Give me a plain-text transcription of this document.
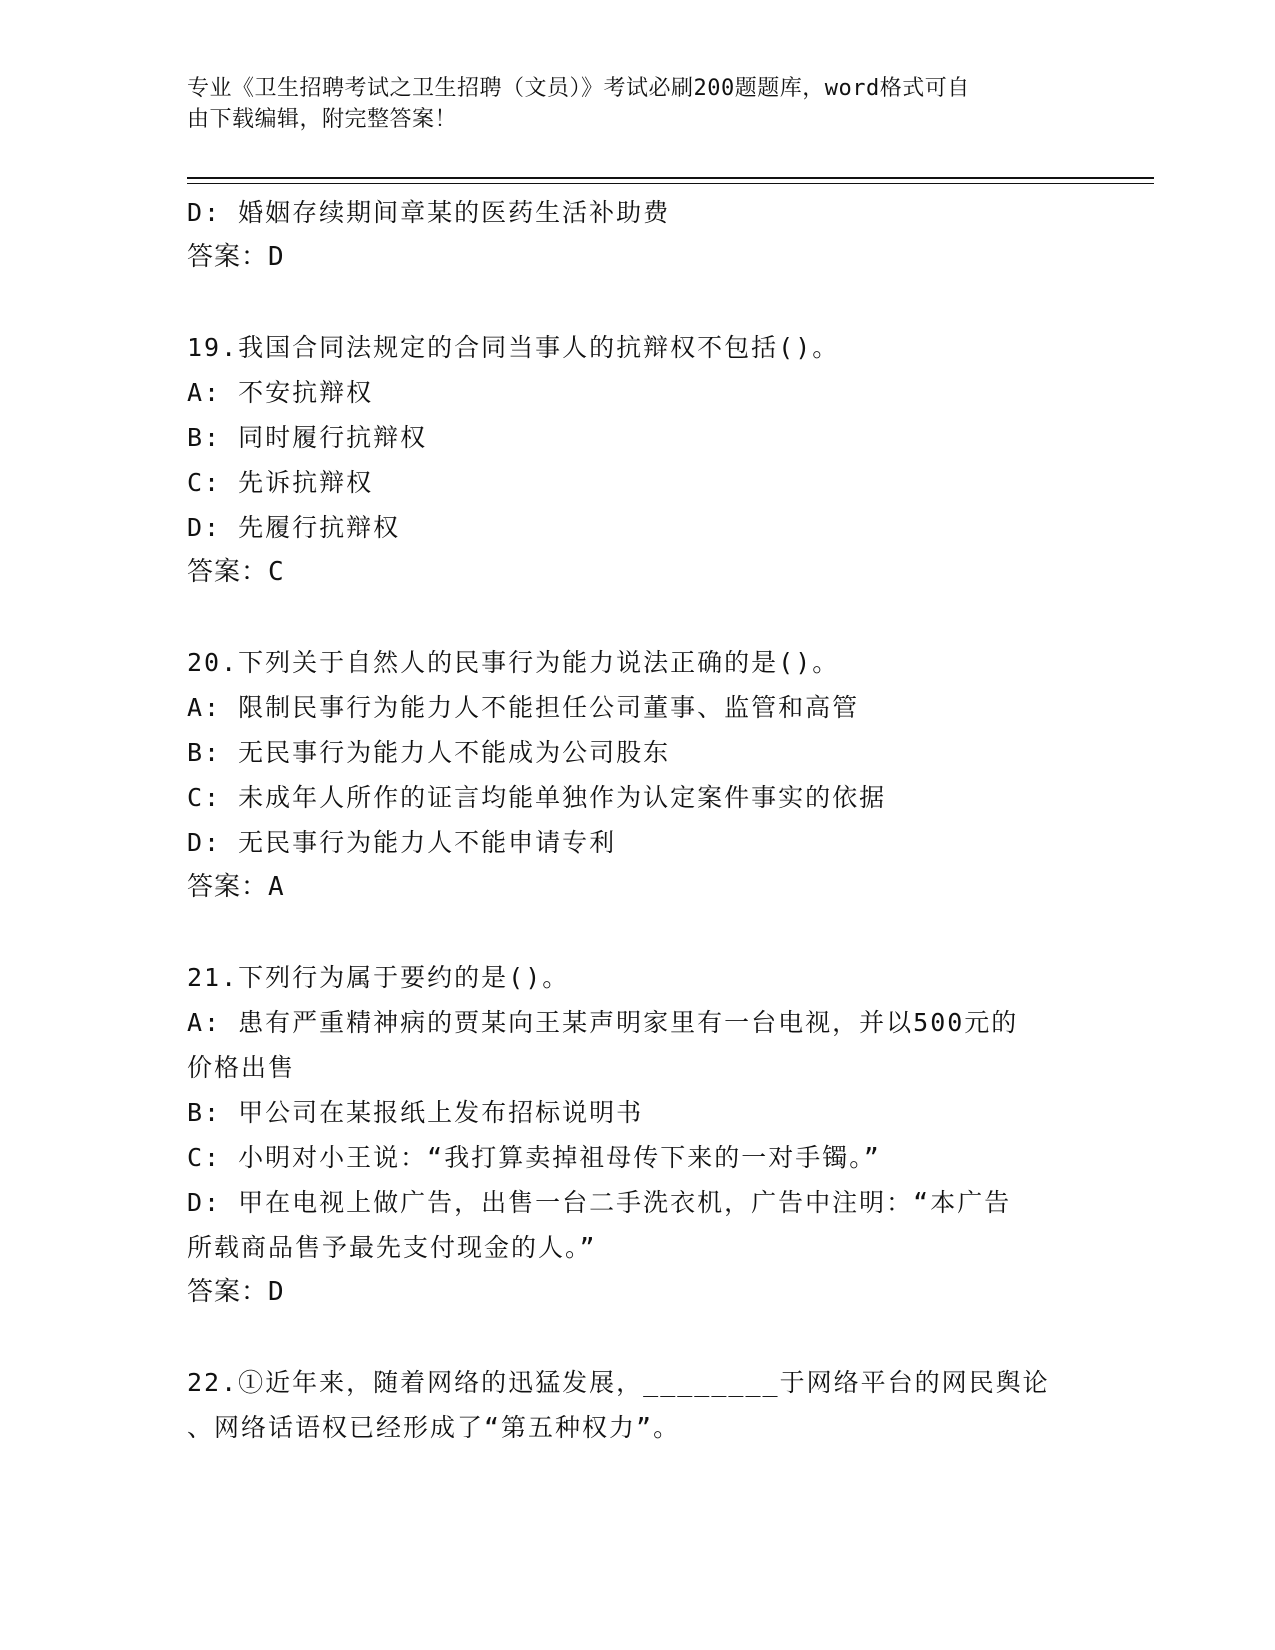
专业《卫生招聘考试之卫生招聘（文员）》考试必刷200题题库，word格式可自
由下载编辑，附完整答案！

D: 婚姻存续期间章某的医药生活补助费

答案：D

19.我国合同法规定的合同当事人的抗辩权不包括()。

A: 不安抗辩权

B: 同时履行抗辩权

C: 先诉抗辩权

D: 先履行抗辩权

答案：C

20.下列关于自然人的民事行为能力说法正确的是()。

A: 限制民事行为能力人不能担任公司董事、监管和高管

B: 无民事行为能力人不能成为公司股东

C: 未成年人所作的证言均能单独作为认定案件事实的依据

D: 无民事行为能力人不能申请专利

答案：A

21.下列行为属于要约的是()。

A: 患有严重精神病的贾某向王某声明家里有一台电视，并以500元的

价格出售

B: 甲公司在某报纸上发布招标说明书

C: 小明对小王说：“我打算卖掉祖母传下来的一对手镯。”

D: 甲在电视上做广告，出售一台二手洗衣机，广告中注明：“本广告

所载商品售予最先支付现金的人。”

答案：D

22.①近年来，随着网络的迅猛发展，________于网络平台的网民舆论

、网络话语权已经形成了“第五种权力”。
